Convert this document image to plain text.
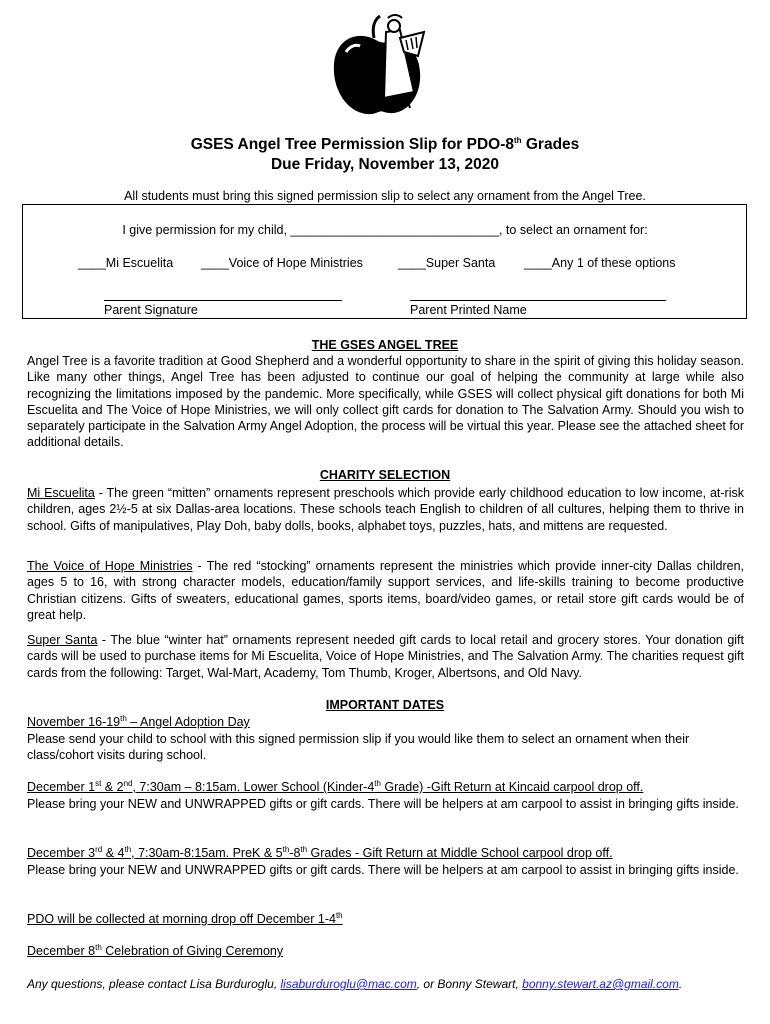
GSES Angel Tree Permission Slip for PDO-8th Grades
Due Friday, November 13, 2020
All students must bring this signed permission slip to select any ornament from the Angel Tree.
I give permission for my child, ______________________________, to select an ornament for:
____Mi Escuelita ____Voice of Hope Ministries	____Super Santa ____Any 1 of these options
Parent Signature	Parent Printed Name
THE GSES ANGEL TREE
Angel Tree is a favorite tradition at Good Shepherd and a wonderful opportunity to share in the spirit of giving this holiday season. Like many other things, Angel Tree has been adjusted to continue our goal of helping the community at large while also recognizing the limitations imposed by the pandemic. More specifically, while GSES will collect physical gift donations for both Mi Escuelita and The Voice of Hope Ministries, we will only collect gift cards for donation to The Salvation Army. Should you wish to separately participate in the Salvation Army Angel Adoption, the process will be virtual this year. Please see the attached sheet for additional details.
CHARITY SELECTION
Mi Escuelita - The green “mitten” ornaments represent preschools which provide early childhood education to low income, at-risk children, ages 2½-5 at six Dallas-area locations. These schools teach English to children of all cultures, helping them to thrive in school. Gifts of manipulatives, Play Doh, baby dolls, books, alphabet toys, puzzles, hats, and mittens are requested.
The Voice of Hope Ministries - The red “stocking” ornaments represent the ministries which provide inner-city Dallas children, ages 5 to 16, with strong character models, education/family support services, and life-skills training to become productive Christian citizens. Gifts of sweaters, educational games, sports items, board/video games, or retail store gift cards would be of great help.
Super Santa - The blue “winter hat” ornaments represent needed gift cards to local retail and grocery stores. Your donation gift cards will be used to purchase items for Mi Escuelita, Voice of Hope Ministries, and The Salvation Army. The charities request gift cards from the following: Target, Wal-Mart, Academy, Tom Thumb, Kroger, Albertsons, and Old Navy.
IMPORTANT DATES
November 16-19th – Angel Adoption Day
Please send your child to school with this signed permission slip if you would like them to select an ornament when their class/cohort visits during school.
December 1st & 2nd, 7:30am – 8:15am. Lower School (Kinder-4th Grade) -Gift Return at Kincaid carpool drop off.
Please bring your NEW and UNWRAPPED gifts or gift cards. There will be helpers at am carpool to assist in bringing gifts inside.
December 3rd & 4th, 7:30am-8:15am. PreK & 5th-8th Grades - Gift Return at Middle School carpool drop off.
Please bring your NEW and UNWRAPPED gifts or gift cards. There will be helpers at am carpool to assist in bringing gifts inside.
PDO will be collected at morning drop off December 1-4th
December 8th Celebration of Giving Ceremony
Any questions, please contact Lisa Burduroglu, lisaburduroglu@mac.com, or Bonny Stewart, bonny.stewart.az@gmail.com.
